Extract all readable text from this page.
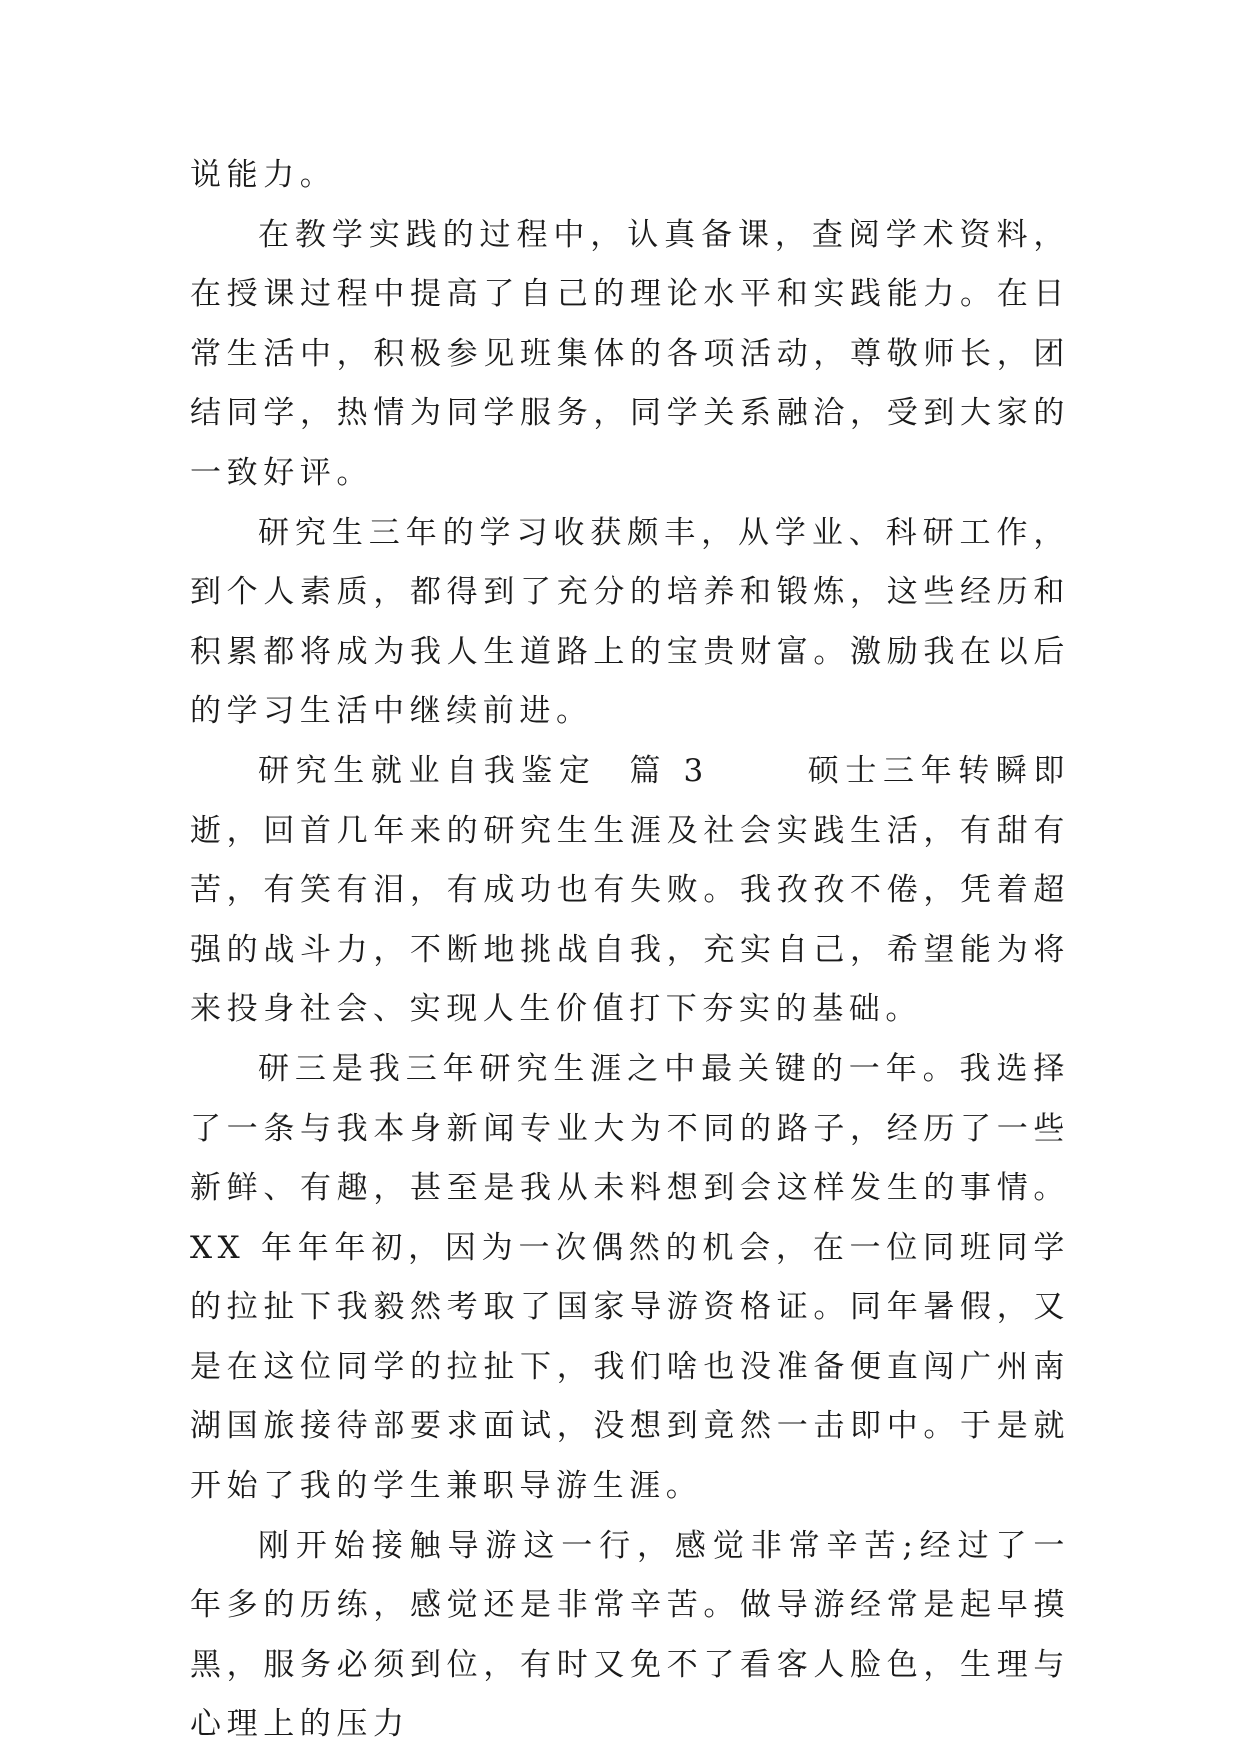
说能力。

在教学实践的过程中，认真备课，查阅学术资料，在授课过程中提高了自己的理论水平和实践能力。在日常生活中，积极参见班集体的各项活动，尊敬师长，团结同学，热情为同学服务，同学关系融洽，受到大家的一致好评。

研究生三年的学习收获颇丰，从学业、科研工作，到个人素质，都得到了充分的培养和锻炼，这些经历和积累都将成为我人生道路上的宝贵财富。激励我在以后的学习生活中继续前进。

研究生就业自我鉴定  篇 3	硕士三年转瞬即逝，回首几年来的研究生生涯及社会实践生活，有甜有苦，有笑有泪，有成功也有失败。我孜孜不倦，凭着超强的战斗力，不断地挑战自我，充实自己，希望能为将来投身社会、实现人生价值打下夯实的基础。

研三是我三年研究生涯之中最关键的一年。我选择了一条与我本身新闻专业大为不同的路子，经历了一些新鲜、有趣，甚至是我从未料想到会这样发生的事情。XX 年年年初，因为一次偶然的机会，在一位同班同学的拉扯下我毅然考取了国家导游资格证。同年暑假，又是在这位同学的拉扯下，我们啥也没准备便直闯广州南湖国旅接待部要求面试，没想到竟然一击即中。于是就开始了我的学生兼职导游生涯。

刚开始接触导游这一行，感觉非常辛苦;经过了一年多的历练，感觉还是非常辛苦。做导游经常是起早摸黑，服务必须到位，有时又免不了看客人脸色，生理与心理上的压力
